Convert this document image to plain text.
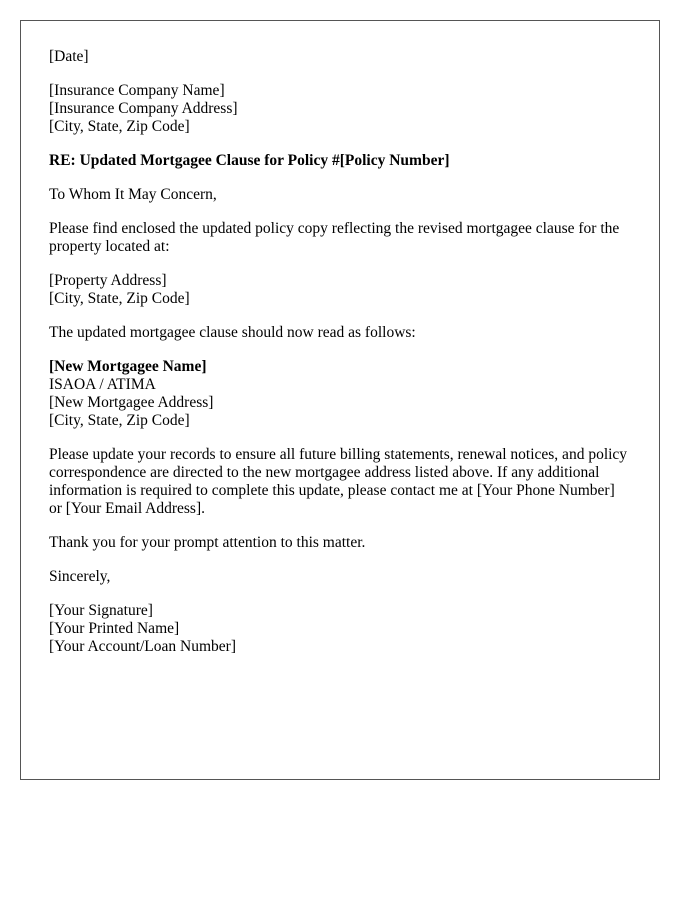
[Date]
[Insurance Company Name]
[Insurance Company Address]
[City, State, Zip Code]
RE: Updated Mortgagee Clause for Policy #[Policy Number]

To Whom It May Concern,

Please find enclosed the updated policy copy reflecting the revised mortgagee clause for the property located at:

[Property Address]
[City, State, Zip Code]

The updated mortgagee clause should now read as follows:

[New Mortgagee Name]
ISAOA / ATIMA
[New Mortgagee Address]
[City, State, Zip Code]

Please update your records to ensure all future billing statements, renewal notices, and policy correspondence are directed to the new mortgagee address listed above. If any additional information is required to complete this update, please contact me at [Your Phone Number] or [Your Email Address].

Thank you for your prompt attention to this matter.

Sincerely,

[Your Signature]
[Your Printed Name]
[Your Account/Loan Number]
